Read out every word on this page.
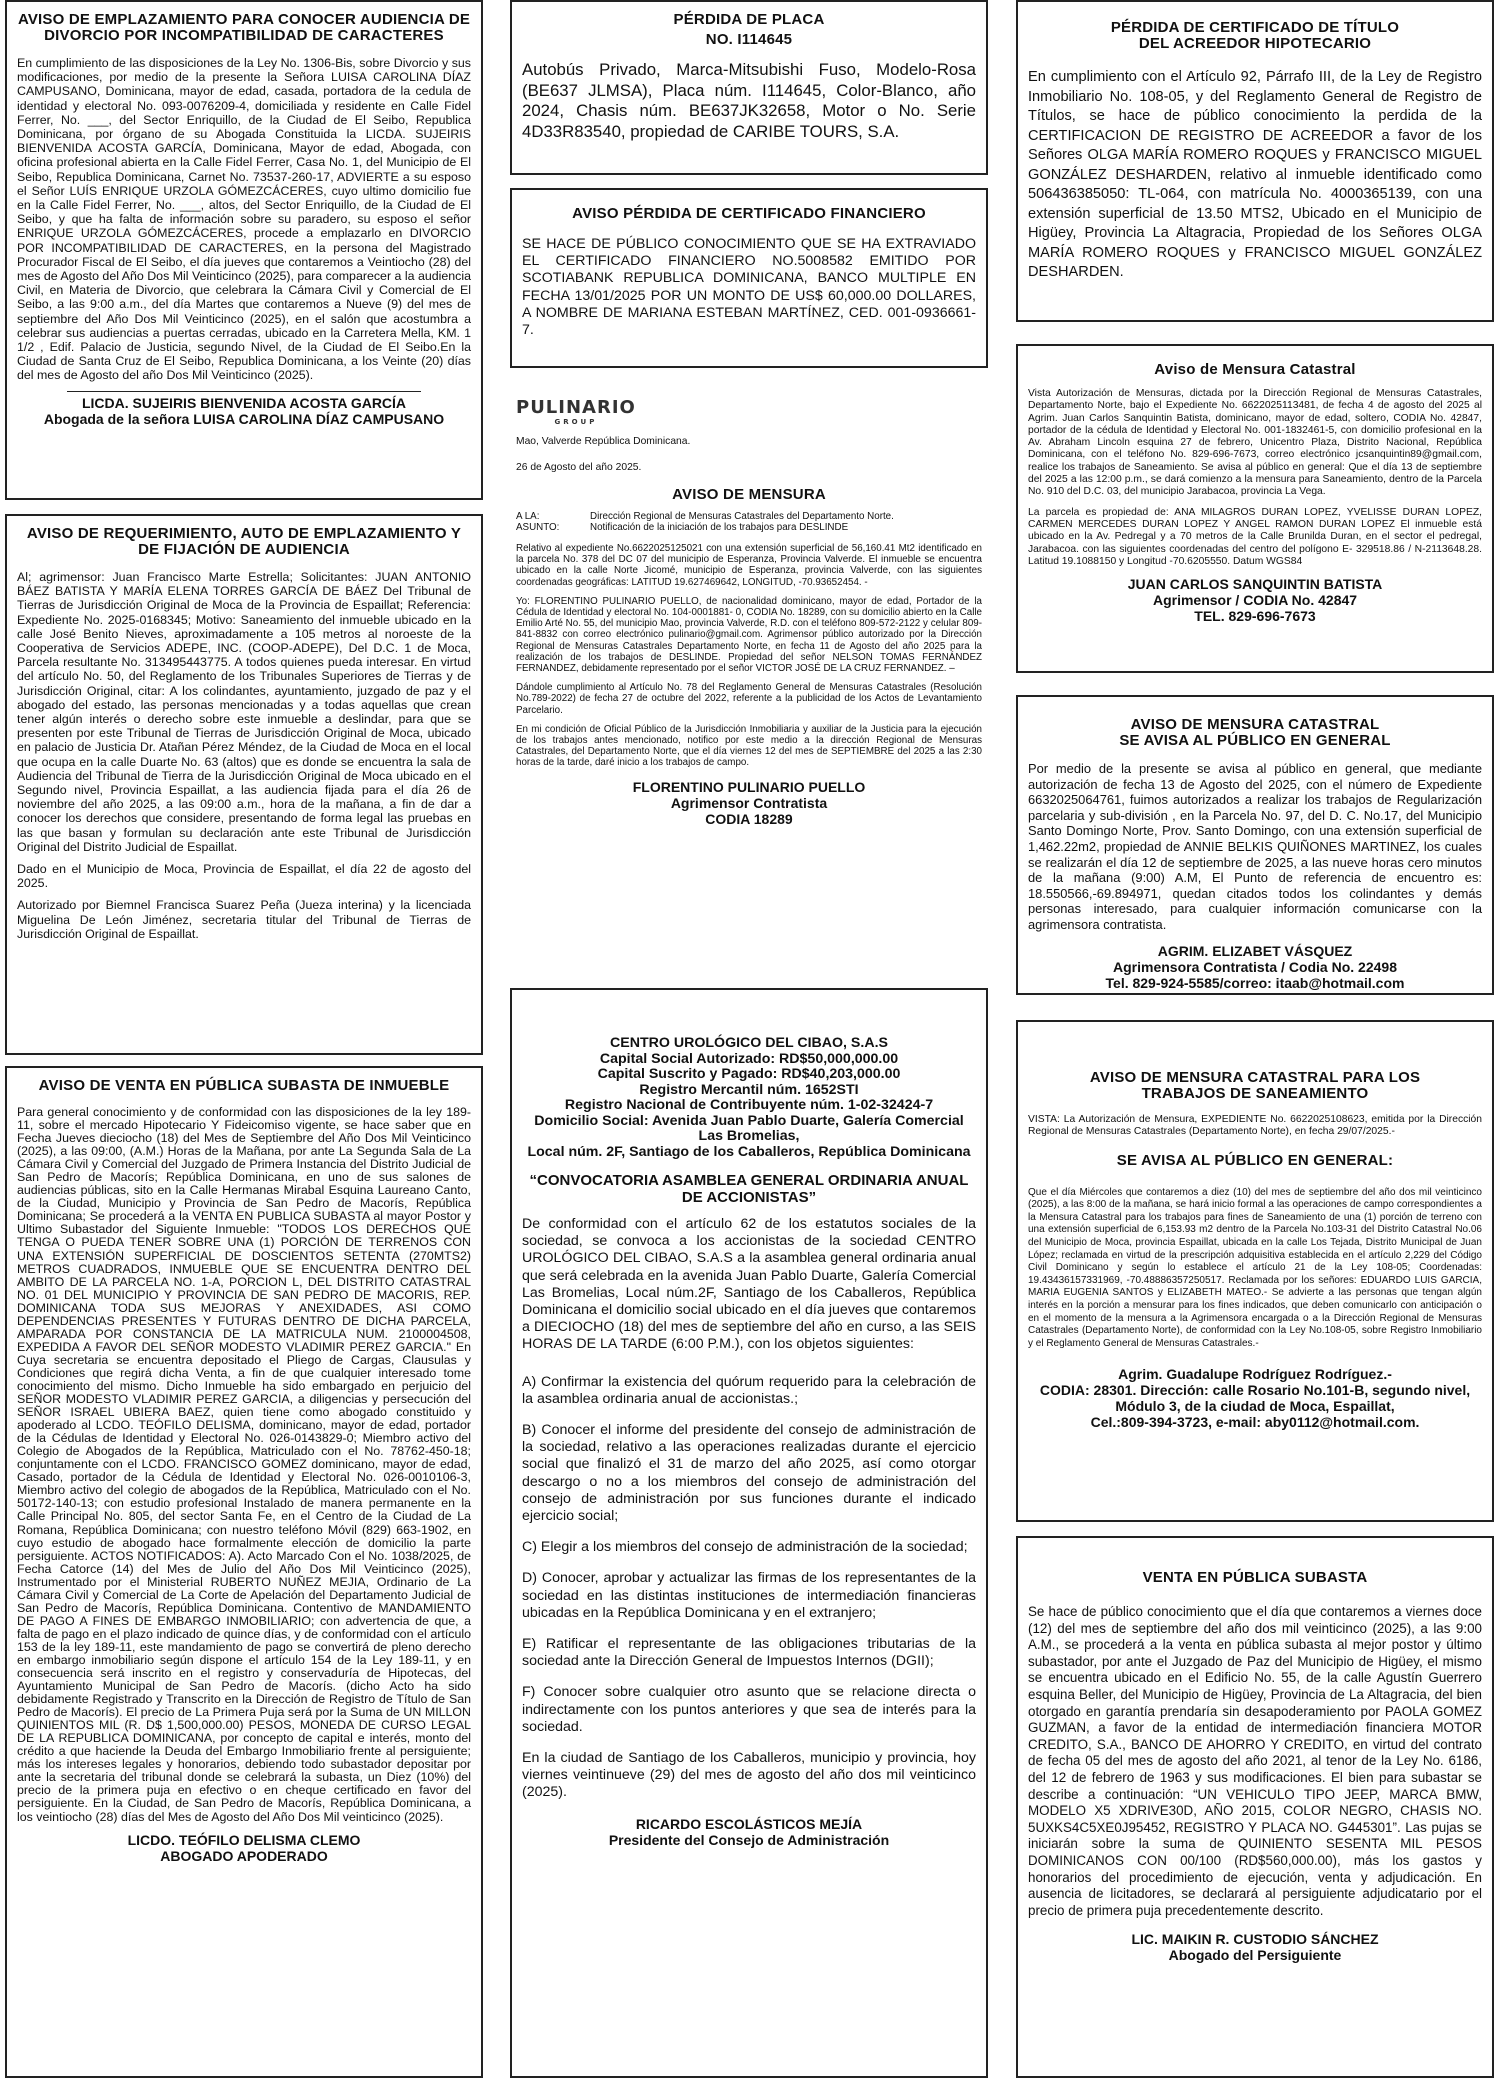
AVISO DE EMPLAZAMIENTO PARA CONOCER AUDIENCIA DE DIVORCIO POR INCOMPATIBILIDAD DE CARACTERES

En cumplimiento de las disposiciones de la Ley No. 1306-Bis, sobre Divorcio y sus modificaciones, por medio de la presente la Señora LUISA CAROLINA DÍAZ CAMPUSANO, Dominicana, mayor de edad, casada, portadora de la cedula de identidad y electoral No. 093-0076209-4, domiciliada y residente en Calle Fidel Ferrer, No. ___, del Sector Enriquillo, de la Ciudad de El Seibo, Republica Dominicana, por órgano de su Abogada Constituida la LICDA. SUJEIRIS BIENVENIDA ACOSTA GARCÍA, Dominicana, Mayor de edad, Abogada, con oficina profesional abierta en la Calle Fidel Ferrer, Casa No. 1, del Municipio de El Seibo, Republica Dominicana, Carnet No. 73537-260-17, ADVIERTE a su esposo el Señor LUÍS ENRIQUE URZOLA GÓMEZCÁCERES, cuyo ultimo domicilio fue en la Calle Fidel Ferrer, No. ___, altos, del Sector Enriquillo, de la Ciudad de El Seibo, y que ha falta de información sobre su paradero, su esposo el señor ENRIQUE URZOLA GÓMEZCÁCERES, procede a emplazarlo en DIVORCIO POR INCOMPATIBILIDAD DE CARACTERES, en la persona del Magistrado Procurador Fiscal de El Seibo, el día jueves que contaremos a Veintiocho (28) del mes de Agosto del Año Dos Mil Veinticinco (2025), para comparecer a la audiencia Civil, en Materia de Divorcio, que celebrara la Cámara Civil y Comercial de El Seibo, a las 9:00 a.m., del día Martes que contaremos a Nueve (9) del mes de septiembre del Año Dos Mil Veinticinco (2025), en el salón que acostumbra a celebrar sus audiencias a puertas cerradas, ubicado en la Carretera Mella, KM. 1 1/2 , Edif. Palacio de Justicia, segundo Nivel, de la Ciudad de El Seibo.En la Ciudad de Santa Cruz de El Seibo, Republica Dominicana, a los Veinte (20) días del mes de Agosto del año Dos Mil Veinticinco (2025).

LICDA. SUJEIRIS BIENVENIDA ACOSTA GARCÍA
Abogada de la señora LUISA CAROLINA DÍAZ CAMPUSANO
AVISO DE REQUERIMIENTO, AUTO DE EMPLAZAMIENTO Y DE FIJACIÓN DE AUDIENCIA

Al; agrimensor: Juan Francisco Marte Estrella; Solicitantes: JUAN ANTONIO BÁEZ BATISTA Y MARÍA ELENA TORRES GARCÍA DE BÁEZ Del Tribunal de Tierras de Jurisdicción Original de Moca de la Provincia de Espaillat; Referencia: Expediente No. 2025-0168345; Motivo: Saneamiento del inmueble ubicado en la calle José Benito Nieves, aproximadamente a 105 metros al noroeste de la Cooperativa de Servicios ADEPE, INC. (COOP-ADEPE), Del D.C. 1 de Moca, Parcela resultante No. 313495443775. A todos quienes pueda interesar. En virtud del artículo No. 50, del Reglamento de los Tribunales Superiores de Tierras y de Jurisdicción Original, citar: A los colindantes, ayuntamiento, juzgado de paz y el abogado del estado, las personas mencionadas y a todas aquellas que crean tener algún interés o derecho sobre este inmueble a deslindar, para que se presenten por este Tribunal de Tierras de Jurisdicción Original de Moca, ubicado en palacio de Justicia Dr. Atañan Pérez Méndez, de la Ciudad de Moca en el local que ocupa en la calle Duarte No. 63 (altos) que es donde se encuentra la sala de Audiencia del Tribunal de Tierra de la Jurisdicción Original de Moca ubicado en el Segundo nivel, Provincia Espaillat, a las audiencia fijada para el día 26 de noviembre del año 2025, a las 09:00 a.m., hora de la mañana, a fin de dar a conocer los derechos que considere, presentando de forma legal las pruebas en las que basan y formulan su declaración ante este Tribunal de Jurisdicción Original del Distrito Judicial de Espaillat.

Dado en el Municipio de Moca, Provincia de Espaillat, el día 22 de agosto del 2025.

Autorizado por Biemnel Francisca Suarez Peña (Jueza interina) y la licenciada Miguelina De León Jiménez, secretaria titular del Tribunal de Tierras de Jurisdicción Original de Espaillat.

AVISO DE VENTA EN PÚBLICA SUBASTA DE INMUEBLE

Para general conocimiento y de conformidad con las disposiciones de la ley 189-11, sobre el mercado Hipotecario Y Fideicomiso vigente, se hace saber que en Fecha Jueves dieciocho (18) del Mes de Septiembre del Año Dos Mil Veinticinco (2025), a las 09:00, (A.M.) Horas de la Mañana, por ante La Segunda Sala de La Cámara Civil y Comercial del Juzgado de Primera Instancia del Distrito Judicial de San Pedro de Macorís; República Dominicana, en uno de sus salones de audiencias públicas, sito en la Calle Hermanas Mirabal Esquina Laureano Canto, de la Ciudad, Municipio y Provincia de San Pedro de Macorís, República Dominicana; Se procederá a la VENTA EN PUBLICA SUBASTA al mayor Postor y Ultimo Subastador del Siguiente Inmueble: "TODOS LOS DERECHOS QUE TENGA O PUEDA TENER SOBRE UNA (1) PORCIÓN DE TERRENOS CON UNA EXTENSIÓN SUPERFICIAL DE DOSCIENTOS SETENTA (270MTS2) METROS CUADRADOS, INMUEBLE QUE SE ENCUENTRA DENTRO DEL AMBITO DE LA PARCELA NO. 1-A, PORCION L, DEL DISTRITO CATASTRAL NO. 01 DEL MUNICIPIO Y PROVINCIA DE SAN PEDRO DE MACORIS, REP. DOMINICANA TODA SUS MEJORAS Y ANEXIDADES, ASI COMO DEPENDENCIAS PRESENTES Y FUTURAS DENTRO DE DICHA PARCELA, AMPARADA POR CONSTANCIA DE LA MATRICULA NUM. 2100004508, EXPEDIDA A FAVOR DEL SEÑOR MODESTO VLADIMIR PEREZ GARCIA." En Cuya secretaria se encuentra depositado el Pliego de Cargas, Clausulas y Condiciones que regirá dicha Venta, a fin de que cualquier interesado tome conocimiento del mismo. Dicho Inmueble ha sido embargado en perjuicio del SEÑOR MODESTO VLADIMIR PEREZ GARCIA, a diligencias y persecución del SEÑOR ISRAEL UBIERA BAEZ, quien tiene como abogado constituido y apoderado al LCDO. TEÓFILO DELISMA, dominicano, mayor de edad, portador de la Cédulas de Identidad y Electoral No. 026-0143829-0; Miembro activo del Colegio de Abogados de la República, Matriculado con el No. 78762-450-18; conjuntamente con el LCDO. FRANCISCO GOMEZ dominicano, mayor de edad, Casado, portador de la Cédula de Identidad y Electoral No. 026-0010106-3, Miembro activo del colegio de abogados de la República, Matriculado con el No. 50172-140-13; con estudio profesional Instalado de manera permanente en la Calle Principal No. 805, del sector Santa Fe, en el Centro de la Ciudad de La Romana, República Dominicana; con nuestro teléfono Móvil (829) 663-1902, en cuyo estudio de abogado hace formalmente elección de domicilio la parte persiguiente. ACTOS NOTIFICADOS: A). Acto Marcado Con el No. 1038/2025, de Fecha Catorce (14) del Mes de Julio del Año Dos Mil Veinticinco (2025), Instrumentado por el Ministerial RUBERTO NUÑEZ MEJIA, Ordinario de La Cámara Civil y Comercial de La Corte de Apelación del Departamento Judicial de San Pedro de Macorís, República Dominicana. Contentivo de MANDAMIENTO DE PAGO A FINES DE EMBARGO INMOBILIARIO; con advertencia de que, a falta de pago en el plazo indicado de quince días, y de conformidad con el artículo 153 de la ley 189-11, este mandamiento de pago se convertirá de pleno derecho en embargo inmobiliario según dispone el artículo 154 de la Ley 189-11, y en consecuencia será inscrito en el registro y conservaduría de Hipotecas, del Ayuntamiento Municipal de San Pedro de Macorís. (dicho Acto ha sido debidamente Registrado y Transcrito en la Dirección de Registro de Título de San Pedro de Macorís). El precio de La Primera Puja será por la Suma de UN MILLON QUINIENTOS MIL (R. D$ 1,500,000.00) PESOS, MONEDA DE CURSO LEGAL DE LA REPUBLICA DOMINICANA, por concepto de capital e interés, monto del crédito a que haciende la Deuda del Embargo Inmobiliario frente al persiguiente; más los intereses legales y honorarios, debiendo todo subastador depositar por ante la secretaria del tribunal donde se celebrará la subasta, un Diez (10%) del precio de la primera puja en efectivo o en cheque certificado en favor del persiguiente. En la Ciudad, de San Pedro de Macorís, República Dominicana, a los veintiocho (28) días del Mes de Agosto del Año Dos Mil veinticinco (2025).

LICDO. TEÓFILO DELISMA CLEMO
ABOGADO APODERADO
PÉRDIDA DE PLACA
NO. I114645

Autobús Privado, Marca-Mitsubishi Fuso, Modelo-Rosa (BE637 JLMSA), Placa núm. I114645, Color-Blanco, año 2024, Chasis núm. BE637JK32658, Motor o No. Serie 4D33R83540, propiedad de CARIBE TOURS, S.A.

AVISO PÉRDIDA DE CERTIFICADO FINANCIERO

SE HACE DE PÚBLICO CONOCIMIENTO QUE SE HA EXTRAVIADO EL CERTIFICADO FINANCIERO NO.5008582 EMITIDO POR SCOTIABANK REPUBLICA DOMINICANA, BANCO MULTIPLE EN FECHA 13/01/2025 POR UN MONTO DE US$ 60,000.00 DOLLARES, A NOMBRE DE MARIANA ESTEBAN MARTÍNEZ, CED. 001-0936661-7.

PULINARIO
GROUP

Mao, Valverde República Dominicana.

26 de Agosto del año 2025.

AVISO DE MENSURA
A LA:	Dirección Regional de Mensuras Catastrales del Departamento Norte.
ASUNTO:	Notificación de la iniciación de los trabajos para DESLINDE

Relativo al expediente No.6622025125021 con una extensión superficial de 56,160.41 Mt2 identificado en la parcela No. 378 del DC 07 del municipio de Esperanza, Provincia Valverde. El inmueble se encuentra ubicado en la calle Norte Jicomé, municipio de Esperanza, provincia Valverde, con las siguientes coordenadas geográficas: LATITUD 19.627469642, LONGITUD, -70.93652454. -

Yo: FLORENTINO PULINARIO PUELLO, de nacionalidad dominicano, mayor de edad, Portador de la Cédula de Identidad y electoral No. 104-0001881- 0, CODIA No. 18289, con su domicilio abierto en la Calle Emilio Arté No. 55, del municipio Mao, provincia Valverde, R.D. con el teléfono 809-572-2122 y celular 809-841-8832 con correo electrónico pulinario@gmail.com. Agrimensor público autorizado por la Dirección Regional de Mensuras Catastrales Departamento Norte, en fecha 11 de Agosto del año 2025 para la realización de los trabajos de DESLINDE. Propiedad del señor NELSON TOMAS FERNÁNDEZ FERNANDEZ, debidamente representado por el señor VICTOR JOSÉ DE LA CRUZ FERNANDEZ. –

Dándole cumplimiento al Artículo No. 78 del Reglamento General de Mensuras Catastrales (Resolución No.789-2022) de fecha 27 de octubre del 2022, referente a la publicidad de los Actos de Levantamiento Parcelario.

En mi condición de Oficial Público de la Jurisdicción Inmobiliaria y auxiliar de la Justicia para la ejecución de los trabajos antes mencionado, notifico por este medio a la dirección Regional de Mensuras Catastrales, del Departamento Norte, que el día viernes 12 del mes de SEPTIEMBRE del 2025 a las 2:30 horas de la tarde, daré inicio a los trabajos de campo.

FLORENTINO PULINARIO PUELLO
Agrimensor Contratista
CODIA 18289
CENTRO UROLÓGICO DEL CIBAO, S.A.S
Capital Social Autorizado: RD$50,000,000.00
Capital Suscrito y Pagado: RD$40,203,000.00
Registro Mercantil núm. 1652STI
Registro Nacional de Contribuyente núm. 1-02-32424-7
Domicilio Social: Avenida Juan Pablo Duarte, Galería Comercial Las Bromelias,
Local núm. 2F, Santiago de los Caballeros, República Dominicana
“CONVOCATORIA ASAMBLEA GENERAL ORDINARIA ANUAL DE ACCIONISTAS”

De conformidad con el artículo 62 de los estatutos sociales de la sociedad, se convoca a los accionistas de la sociedad CENTRO UROLÓGICO DEL CIBAO, S.A.S a la asamblea general ordinaria anual que será celebrada en la avenida Juan Pablo Duarte, Galería Comercial Las Bromelias, Local núm.2F, Santiago de los Caballeros, República Dominicana el domicilio social ubicado en el día jueves que contaremos a DIECIOCHO (18) del mes de septiembre del año en curso, a las SEIS HORAS DE LA TARDE (6:00 P.M.), con los objetos siguientes:

A) Confirmar la existencia del quórum requerido para la celebración de la asamblea ordinaria anual de accionistas.;

B) Conocer el informe del presidente del consejo de administración de la sociedad, relativo a las operaciones realizadas durante el ejercicio social que finalizó el 31 de marzo del año 2025, así como otorgar descargo o no a los miembros del consejo de administración del consejo de administración por sus funciones durante el indicado ejercicio social;

C) Elegir a los miembros del consejo de administración de la sociedad;

D) Conocer, aprobar y actualizar las firmas de los representantes de la sociedad en las distintas instituciones de intermediación financieras ubicadas en la República Dominicana y en el extranjero;

E) Ratificar el representante de las obligaciones tributarias de la sociedad ante la Dirección General de Impuestos Internos (DGII);

F) Conocer sobre cualquier otro asunto que se relacione directa o indirectamente con los puntos anteriores y que sea de interés para la sociedad.

En la ciudad de Santiago de los Caballeros, municipio y provincia, hoy viernes veintinueve (29) del mes de agosto del año dos mil veinticinco (2025).

RICARDO ESCOLÁSTICOS MEJÍA
Presidente del Consejo de Administración
PÉRDIDA DE CERTIFICADO DE TÍTULO
DEL ACREEDOR HIPOTECARIO

En cumplimiento con el Artículo 92, Párrafo III, de la Ley de Registro Inmobiliario No. 108-05, y del Reglamento General de Registro de Títulos, se hace de público conocimiento la perdida de la CERTIFICACION DE REGISTRO DE ACREEDOR a favor de los Señores OLGA MARÍA ROMERO ROQUES y FRANCISCO MIGUEL GONZÁLEZ DESHARDEN, relativo al inmueble identificado como 506436385050: TL-064, con matrícula No. 4000365139, con una extensión superficial de 13.50 MTS2, Ubicado en el Municipio de Higüey, Provincia La Altagracia, Propiedad de los Señores OLGA MARÍA ROMERO ROQUES y FRANCISCO MIGUEL GONZÁLEZ DESHARDEN.

Aviso de Mensura Catastral

Vista Autorización de Mensuras, dictada por la Dirección Regional de Mensuras Catastrales, Departamento Norte, bajo el Expediente No. 6622025113481, de fecha 4 de agosto del 2025 al Agrim. Juan Carlos Sanquintin Batista, dominicano, mayor de edad, soltero, CODIA No. 42847, portador de la cédula de Identidad y Electoral No. 001-1832461-5, con domicilio profesional en la Av. Abraham Lincoln esquina 27 de febrero, Unicentro Plaza, Distrito Nacional, República Dominicana, con el teléfono No. 829-696-7673, correo electrónico jcsanquintin89@gmail.com, realice los trabajos de Saneamiento. Se avisa al público en general: Que el día 13 de septiembre del 2025 a las 12:00 p.m., se dará comienzo a la mensura para Saneamiento, dentro de la Parcela No. 910 del D.C. 03, del municipio Jarabacoa, provincia La Vega.

La parcela es propiedad de: ANA MILAGROS DURAN LOPEZ, YVELISSE DURAN LOPEZ, CARMEN MERCEDES DURAN LOPEZ Y ANGEL RAMON DURAN LOPEZ El inmueble está ubicado en la Av. Pedregal y a 70 metros de la Calle Brunilda Duran, en el sector el pedregal, Jarabacoa. con las siguientes coordenadas del centro del polígono E- 329518.86 / N-2113648.28. Latitud 19.1088150 y Longitud -70.6205550. Datum WGS84

JUAN CARLOS SANQUINTIN BATISTA
Agrimensor / CODIA No. 42847
TEL. 829-696-7673
AVISO DE MENSURA CATASTRAL
SE AVISA AL PÚBLICO EN GENERAL

Por medio de la presente se avisa al público en general, que mediante autorización de fecha 13 de Agosto del 2025, con el número de Expediente 6632025064761, fuimos autorizados a realizar los trabajos de Regularización parcelaria y sub-división , en la Parcela No. 97, del D. C. No.17, del Municipio Santo Domingo Norte, Prov. Santo Domingo, con una extensión superficial de 1,462.22m2, propiedad de ANNIE BELKIS QUIÑONES MARTINEZ, los cuales se realizarán el día 12 de septiembre de 2025, a las nueve horas cero minutos de la mañana (9:00) A.M, El Punto de referencia de encuentro es: 18.550566,-69.894971, quedan citados todos los colindantes y demás personas interesado, para cualquier información comunicarse con la agrimensora contratista.

AGRIM. ELIZABET VÁSQUEZ
Agrimensora Contratista / Codia No. 22498
Tel. 829-924-5585/correo: itaab@hotmail.com
AVISO DE MENSURA CATASTRAL PARA LOS
TRABAJOS DE SANEAMIENTO

VISTA: La Autorización de Mensura, EXPEDIENTE No. 6622025108623, emitida por la Dirección Regional de Mensuras Catastrales (Departamento Norte), en fecha 29/07/2025.-

SE AVISA AL PÚBLICO EN GENERAL:

Que el día Miércoles que contaremos a diez (10) del mes de septiembre del año dos mil veinticinco (2025), a las 8:00 de la mañana, se hará inicio formal a las operaciones de campo correspondientes a la Mensura Catastral para los trabajos para fines de Saneamiento de una (1) porción de terreno con una extensión superficial de 6,153.93 m2 dentro de la Parcela No.103-31 del Distrito Catastral No.06 del Municipio de Moca, provincia Espaillat, ubicada en la calle Los Tejada, Distrito Municipal de Juan López; reclamada en virtud de la prescripción adquisitiva establecida en el artículo 2,229 del Código Civil Dominicano y según lo establece el artículo 21 de la Ley 108-05; Coordenadas: 19.43436157331969, -70.48886357250517. Reclamada por los señores: EDUARDO LUIS GARCIA, MARIA EUGENIA SANTOS y ELIZABETH MATEO.- Se advierte a las personas que tengan algún interés en la porción a mensurar para los fines indicados, que deben comunicarlo con anticipación o en el momento de la mensura a la Agrimensora encargada o a la Dirección Regional de Mensuras Catastrales (Departamento Norte), de conformidad con la Ley No.108-05, sobre Registro Inmobiliario y el Reglamento General de Mensuras Catastrales.-

Agrim. Guadalupe Rodríguez Rodríguez.-
CODIA: 28301. Dirección: calle Rosario No.101-B, segundo nivel, Módulo 3, de la ciudad de Moca, Espaillat,
Cel.:809-394-3723, e-mail: aby0112@hotmail.com.
VENTA EN PÚBLICA SUBASTA

Se hace de público conocimiento que el día que contaremos a viernes doce (12) del mes de septiembre del año dos mil veinticinco (2025), a las 9:00 A.M., se procederá a la venta en pública subasta al mejor postor y último subastador, por ante el Juzgado de Paz del Municipio de Higüey, el mismo se encuentra ubicado en el Edificio No. 55, de la calle Agustín Guerrero esquina Beller, del Municipio de Higüey, Provincia de La Altagracia, del bien otorgado en garantía prendaría sin desapoderamiento por PAOLA GOMEZ GUZMAN, a favor de la entidad de intermediación financiera MOTOR CREDITO, S.A., BANCO DE AHORRO Y CREDITO, en virtud del contrato de fecha 05 del mes de agosto del año 2021, al tenor de la Ley No. 6186, del 12 de febrero de 1963 y sus modificaciones. El bien para subastar se describe a continuación: “UN VEHICULO TIPO JEEP, MARCA BMW, MODELO X5 XDRIVE30D, AÑO 2015, COLOR NEGRO, CHASIS NO. 5UXKS4C5XE0J95452, REGISTRO Y PLACA NO. G445301”. Las pujas se iniciarán sobre la suma de QUINIENTO SESENTA MIL PESOS DOMINICANOS CON 00/100 (RD$560,000.00), más los gastos y honorarios del procedimiento de ejecución, venta y adjudicación. En ausencia de licitadores, se declarará al persiguiente adjudicatario por el precio de primera puja precedentemente descrito.

LIC. MAIKIN R. CUSTODIO SÁNCHEZ
Abogado del Persiguiente
